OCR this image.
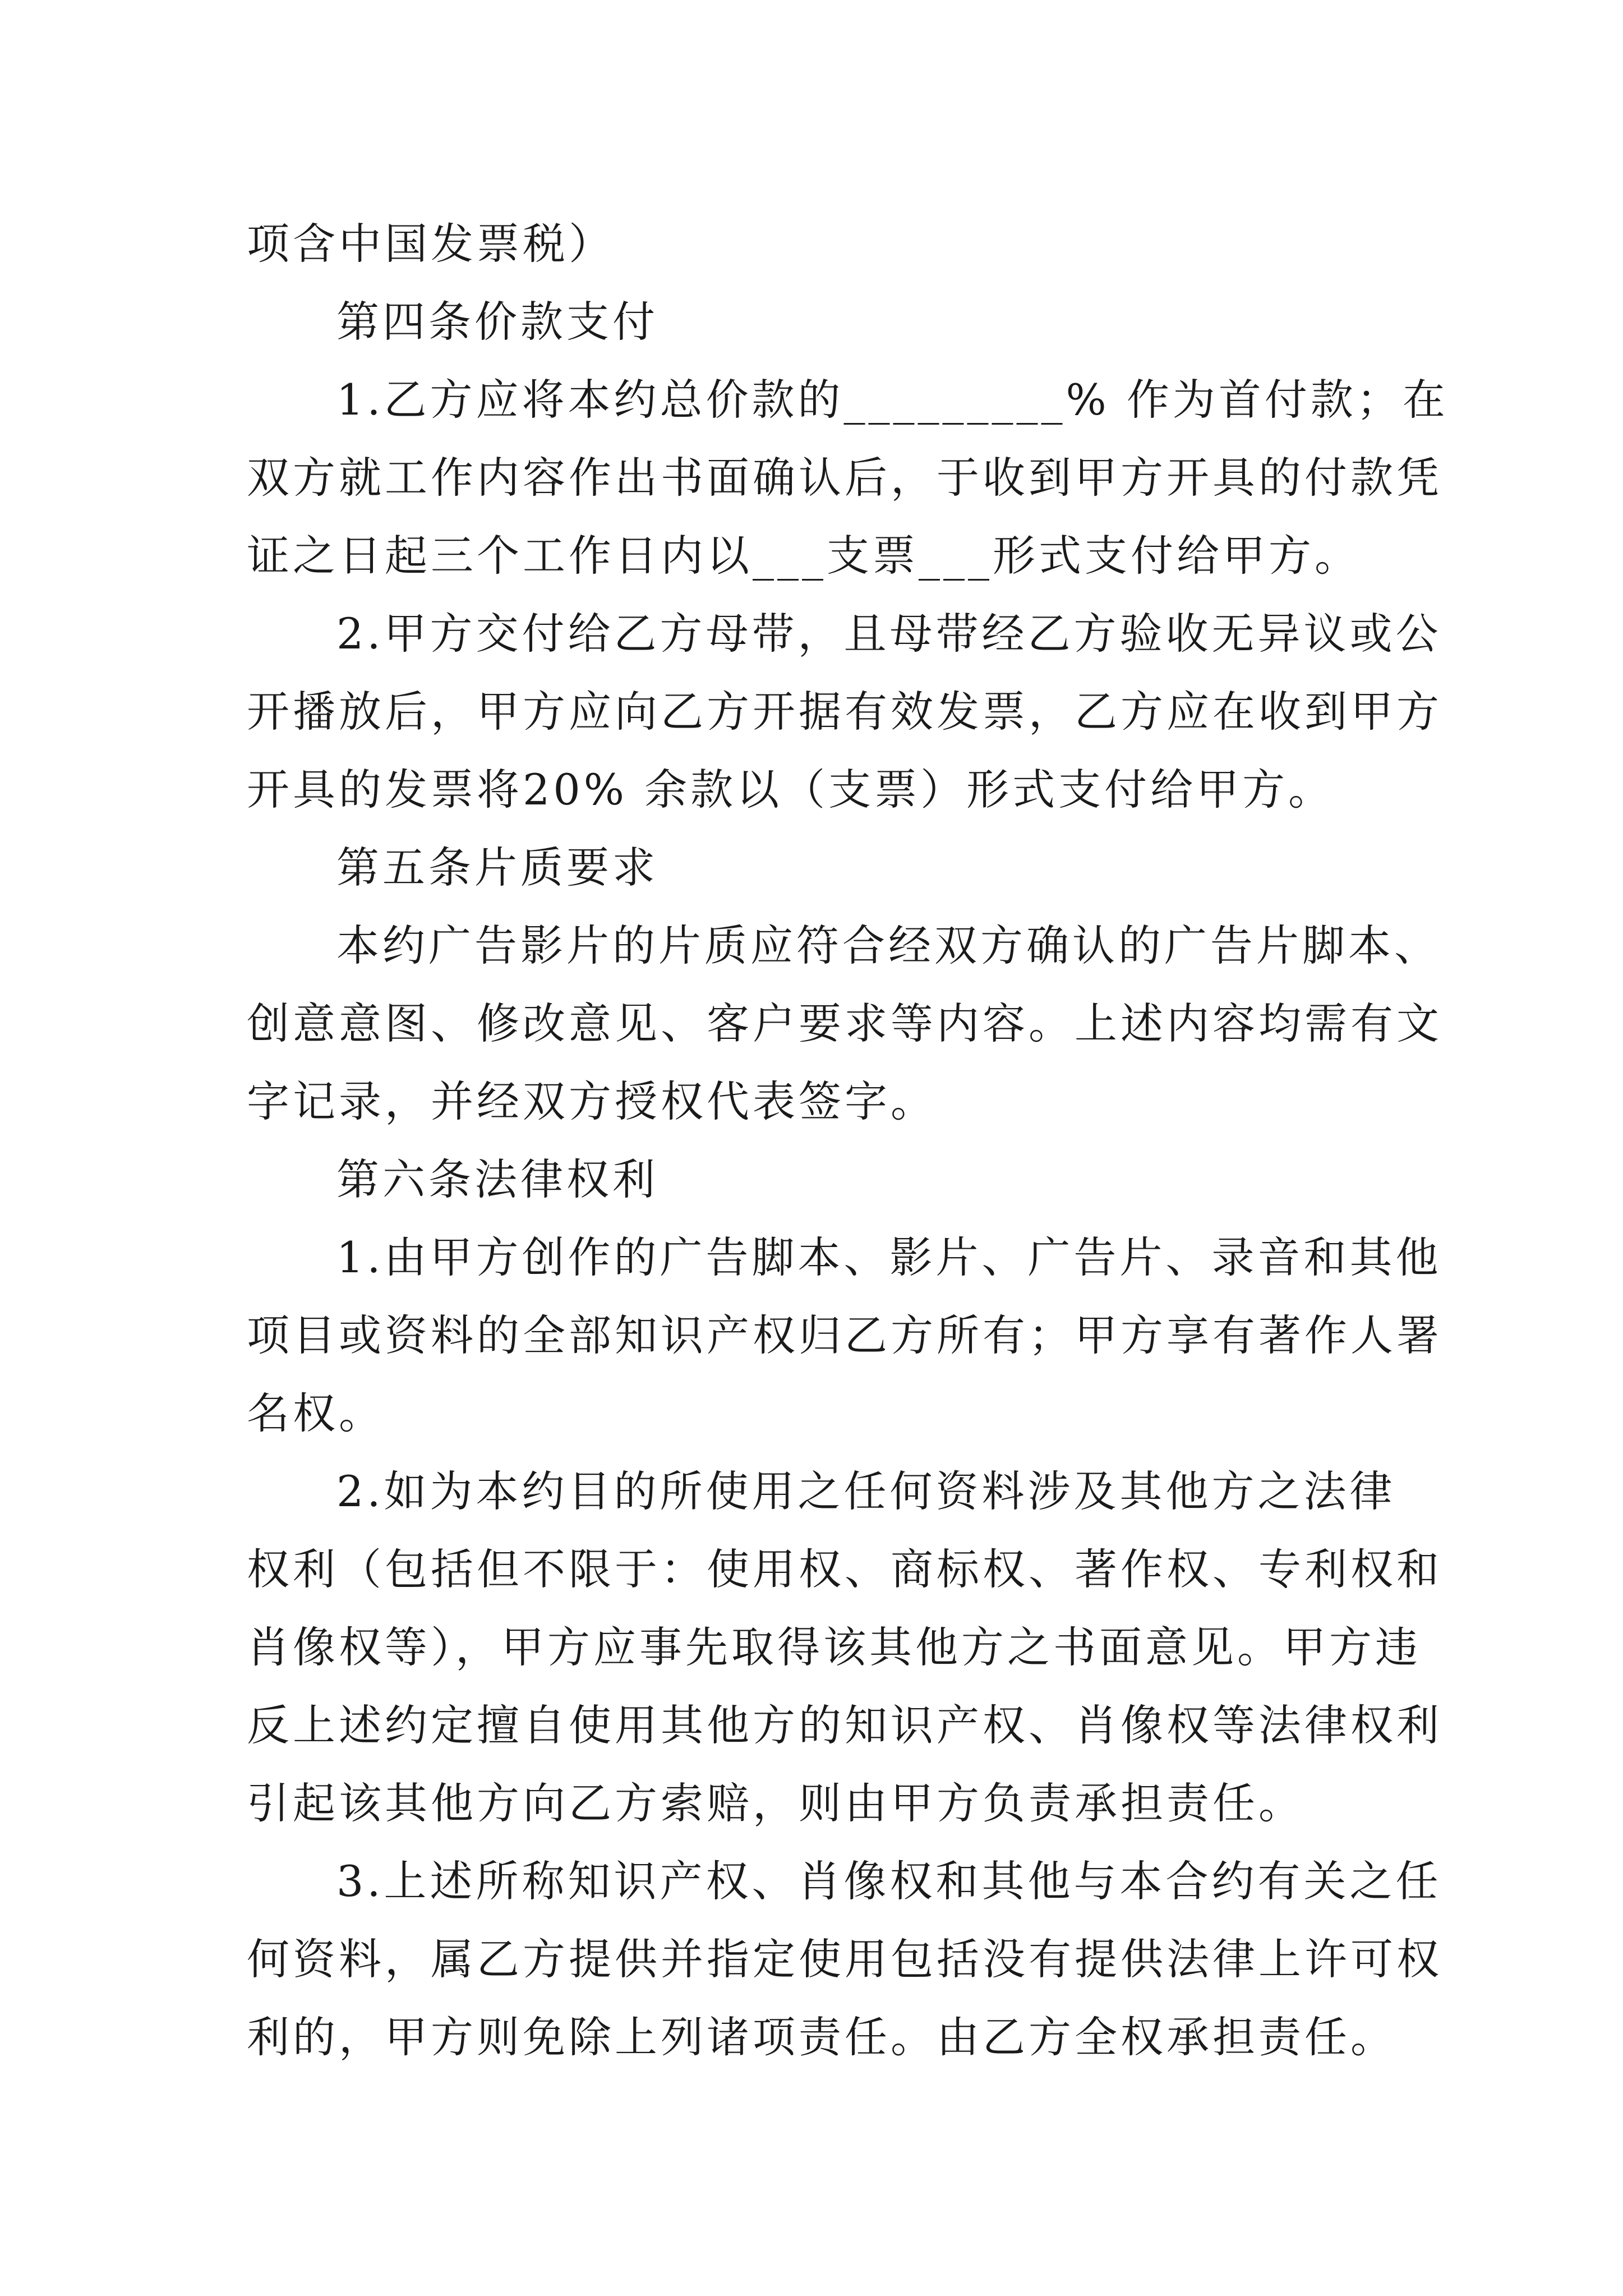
项含中国发票税）

第四条价款支付

1.乙方应将本约总价款的_________% 作为首付款；在

双方就工作内容作出书面确认后，于收到甲方开具的付款凭

证之日起三个工作日内以___支票___形式支付给甲方。

2.甲方交付给乙方母带，且母带经乙方验收无异议或公

开播放后，甲方应向乙方开据有效发票，乙方应在收到甲方

开具的发票将20% 余款以（支票）形式支付给甲方。

第五条片质要求

本约广告影片的片质应符合经双方确认的广告片脚本、

创意意图、修改意见、客户要求等内容。上述内容均需有文

字记录，并经双方授权代表签字。

第六条法律权利

1.由甲方创作的广告脚本、影片、广告片、录音和其他

项目或资料的全部知识产权归乙方所有；甲方享有著作人署

名权。

2.如为本约目的所使用之任何资料涉及其他方之法律

权利（包括但不限于：使用权、商标权、著作权、专利权和

肖像权等），甲方应事先取得该其他方之书面意见。甲方违

反上述约定擅自使用其他方的知识产权、肖像权等法律权利

引起该其他方向乙方索赔，则由甲方负责承担责任。

3.上述所称知识产权、肖像权和其他与本合约有关之任

何资料，属乙方提供并指定使用包括没有提供法律上许可权

利的，甲方则免除上列诸项责任。由乙方全权承担责任。
